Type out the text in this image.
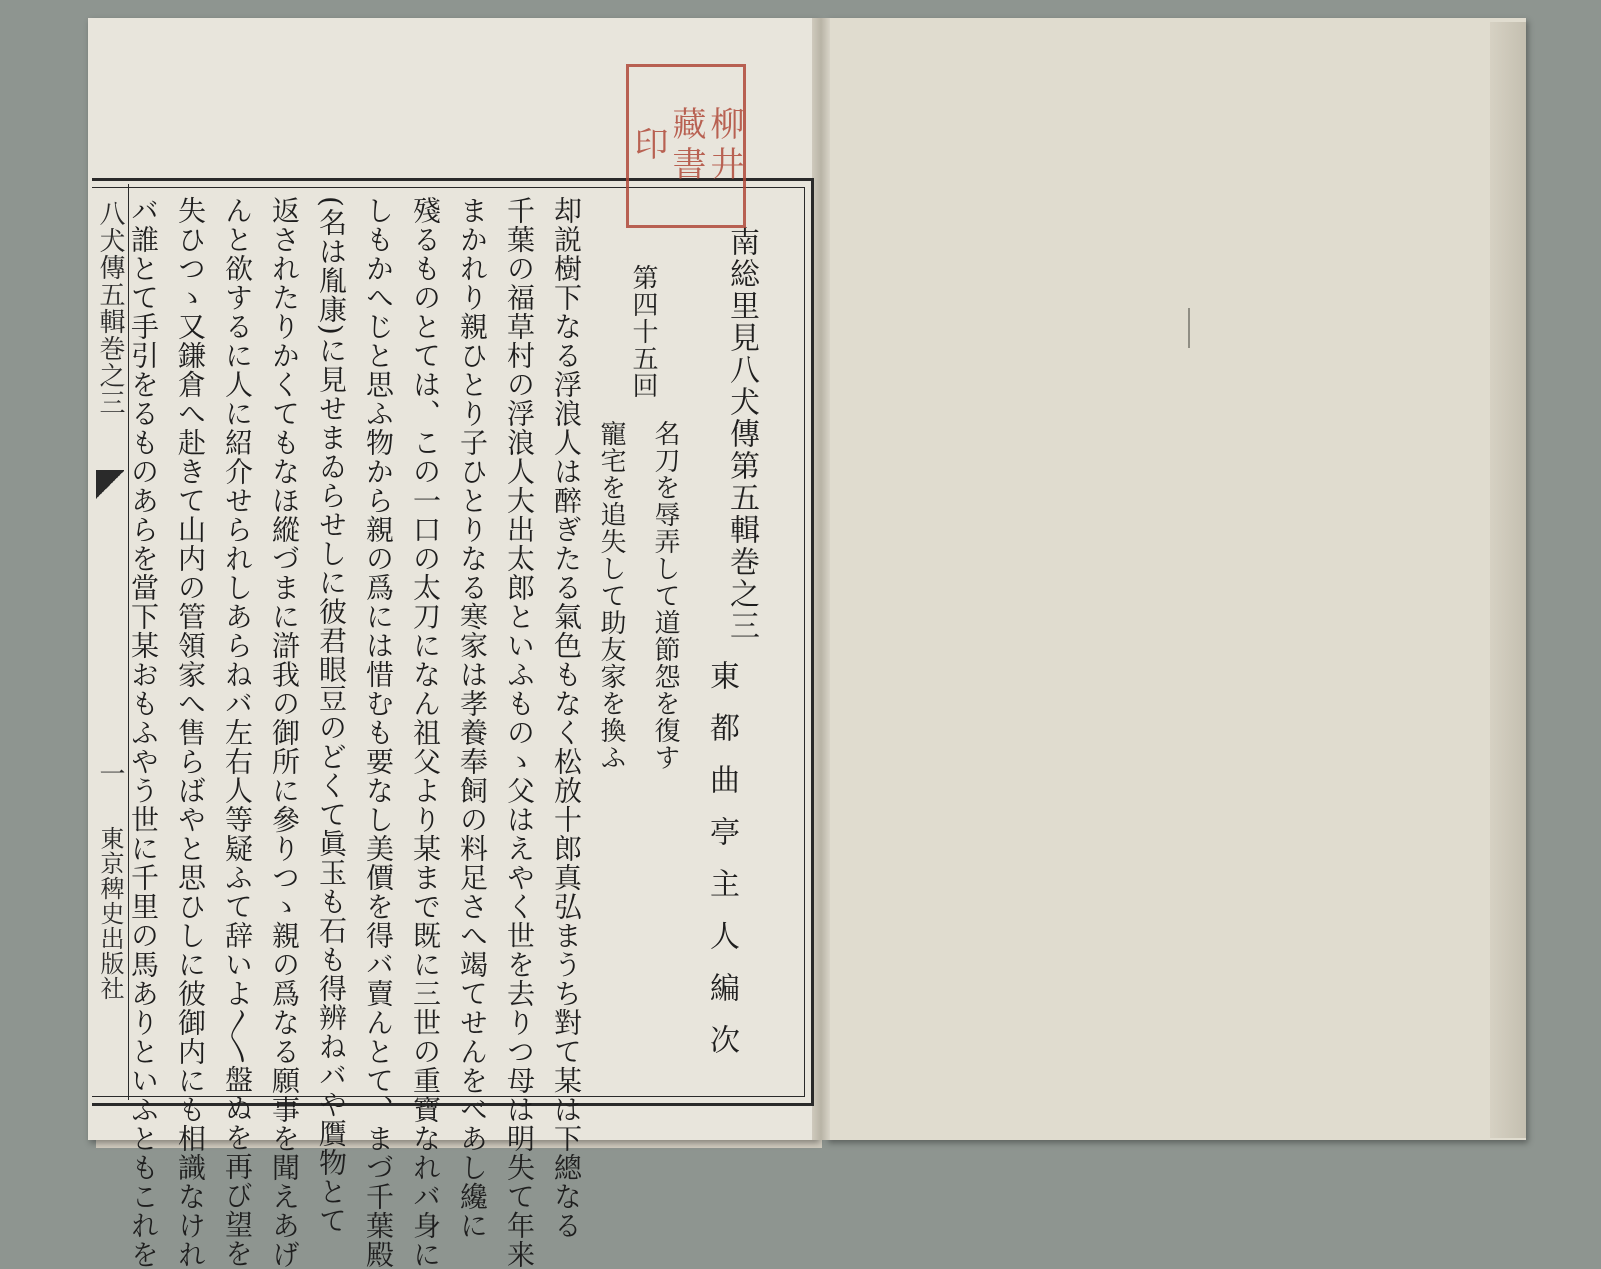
八犬傳五輯巻之三
一
東京稗史出版社
南総里見八犬傳第五輯巻之三
東都曲亭主人編次
第四十五回
名刀を辱弄して道節怨を復す
寵宅を追失して助友家を換ふ
却説樹下なる浮浪人は醉ぎたる氣色もなく松放十郎真弘まうち對て某は下總なる
千葉の福草村の浮浪人大出太郎といふものゝ父はえやく世を去りつ母は明失て年来
まかれり親ひとり子ひとりなる寒家は孝養奉飼の料足さへ竭てせんをべあし纔に
殘るものとては、この一口の太刀になん祖父より某まで既に三世の重寶なれバ身に
しもかへじと思ふ物から親の爲には惜むも要なし美價を得バ賣んとて、まづ千葉殿
(名は胤康)に見せまゐらせしに彼君眼豆のどくて眞玉も石も得辨ねバや贋物とて
返されたりかくてもなほ縱づまに滸我の御所に參りつゝ親の爲なる願事を聞えあげ
んと欲するに人に紹介せられしあらねバ左右人等疑ふて辞いよ〳〵盤ぬを再び望を
失ひつゝ又鎌倉へ赴きて山内の管領家へ售らばやと思ひしに彼御内にも相識なけれ
バ誰とて手引をるものあらを當下某おもふやう世に千里の馬ありといふともこれを
柳井
藏書
印
